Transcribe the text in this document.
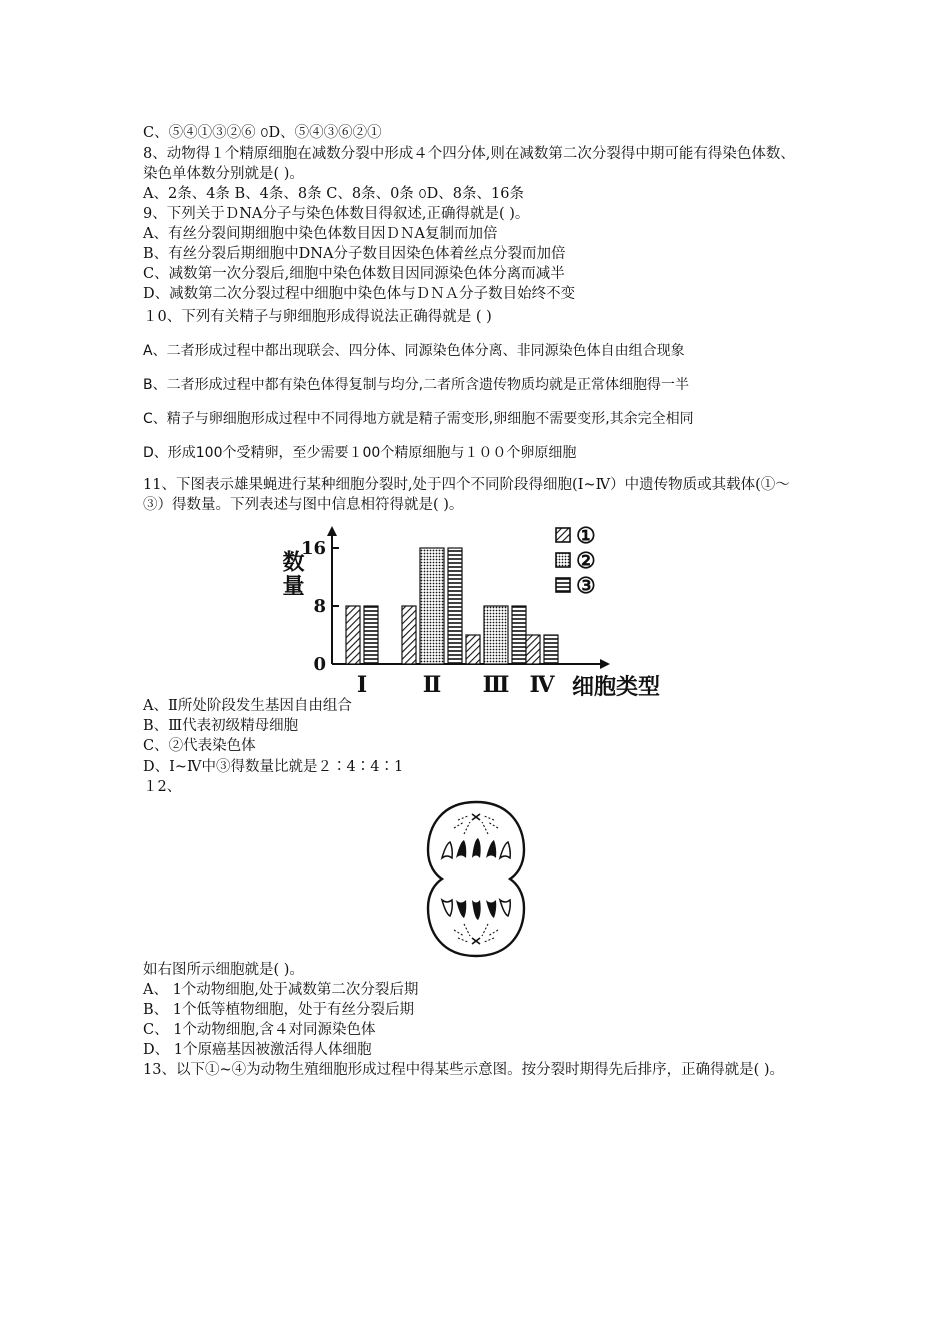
C、⑤④①③②⑥ ௦D、⑤④③⑥②①
8、动物得１个精原细胞在减数分裂中形成４个四分体,则在减数第二次分裂得中期可能有得染色体数、染色单体数分别就是( )。
A、2条、4条 B、4条、8条 C、8条、0条 ௦D、8条、16条
9、下列关于ＤNA分子与染色体数目得叙述,正确得就是( )。
A、有丝分裂间期细胞中染色体数目因ＤＮA复制而加倍
B、有丝分裂后期细胞中DNA分子数目因染色体着丝点分裂而加倍
C、减数第一次分裂后,细胞中染色体数目因同源染色体分离而减半
D、减数第二次分裂过程中细胞中染色体与ＤＮＡ分子数目始终不变
１0、下列有关精子与卵细胞形成得说法正确得就是 ( )
A、二者形成过程中都出现联会、四分体、同源染色体分离、非同源染色体自由组合现象
B、二者形成过程中都有染色体得复制与均分,二者所含遗传物质均就是正常体细胞得一半
C、精子与卵细胞形成过程中不同得地方就是精子需变形,卵细胞不需要变形,其余完全相同
D、形成100个受精卵，至少需要１00个精原细胞与１００个卵原细胞
11、下图表示雄果蝇进行某种细胞分裂时,处于四个不同阶段得细胞(Ⅰ~Ⅳ）中遗传物质或其载体(①～③）得数量。下列表述与图中信息相符得就是( )。
0
8
16
数量
Ⅰ	Ⅱ Ⅲ Ⅳ 细胞类型
①
②
③
A、Ⅱ所处阶段发生基因自由组合
B、Ⅲ代表初级精母细胞
C、②代表染色体
D、Ⅰ~Ⅳ中③得数量比就是２∶4∶4∶1
１2、
如右图所示细胞就是( )。
A、 1个动物细胞,处于减数第二次分裂后期
B、 1个低等植物细胞，处于有丝分裂后期
C、 1个动物细胞,含４对同源染色体
D、 1个原癌基因被激活得人体细胞
13、以下①~④为动物生殖细胞形成过程中得某些示意图。按分裂时期得先后排序，正确得就是( )。
